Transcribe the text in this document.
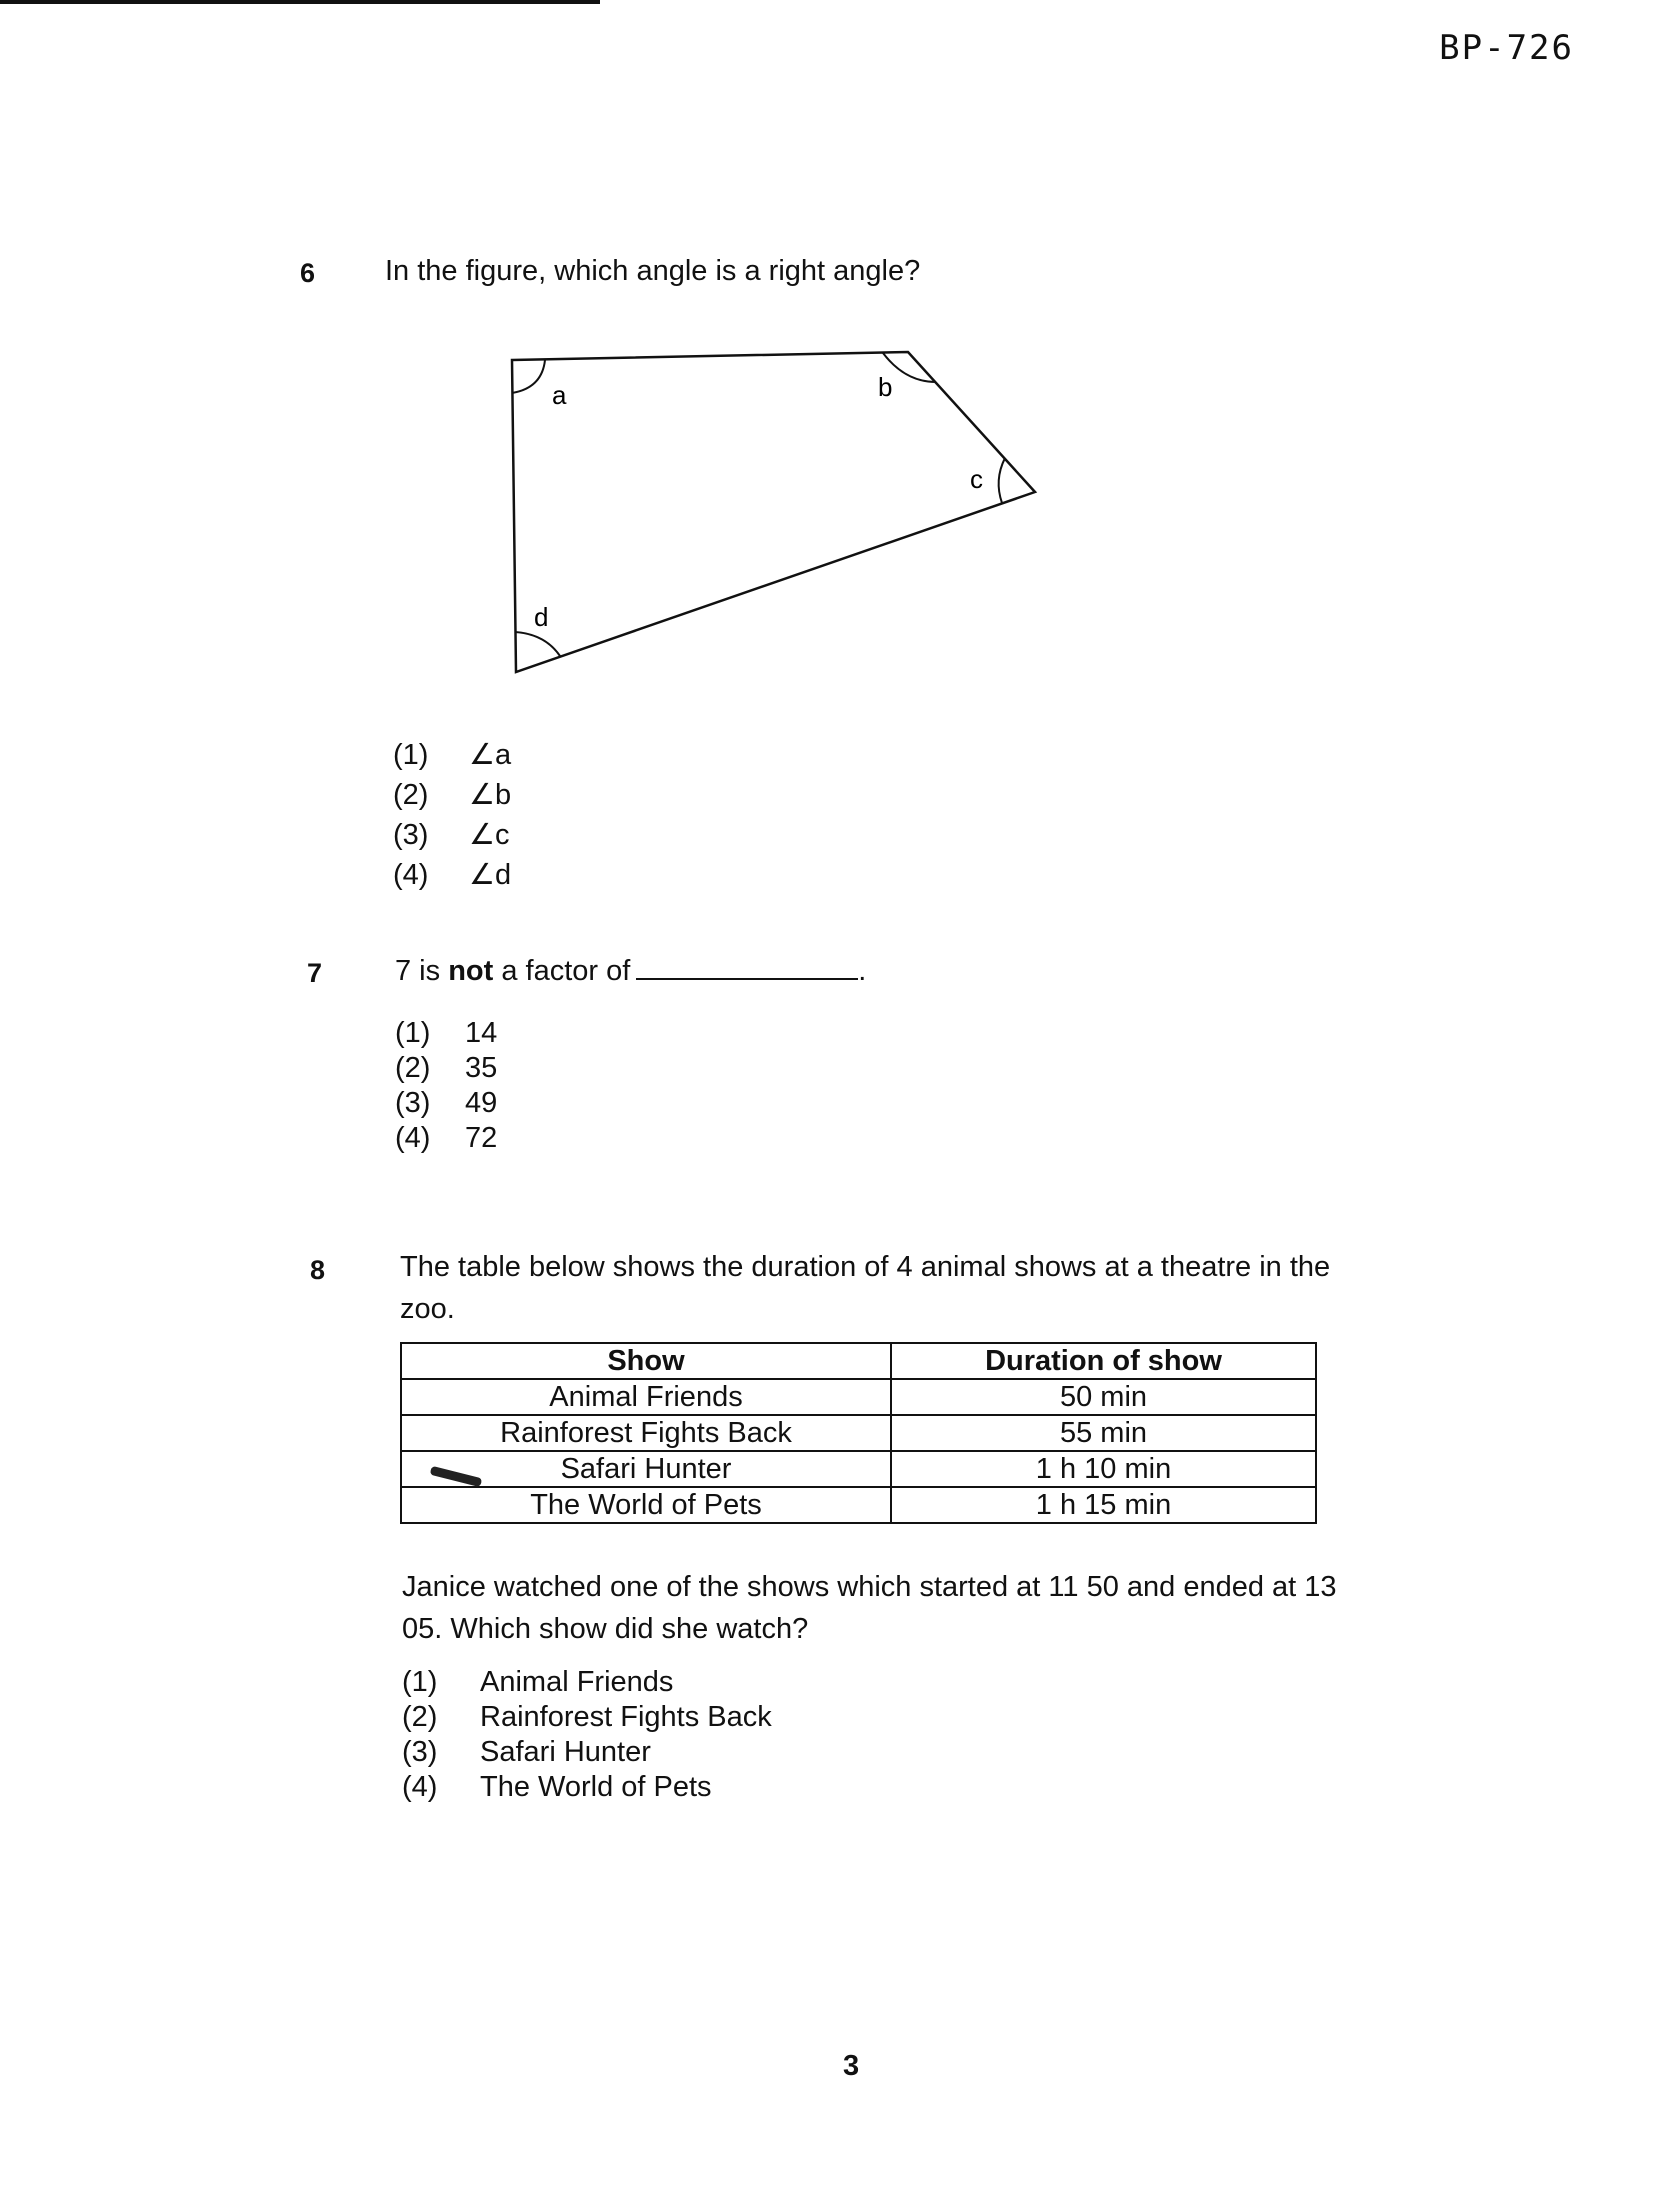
BP-726
6 In the figure, which angle is a right angle?
a	b
c
d
(1)	∠a
(2)	∠b
(3)	∠c
(4)	∠d
7	7 is not a factor of	.
(1)	14
(2)	35
(3)	49
(4)	72
8	The table below shows the duration of 4 animal shows at a theatre in the zoo.
Show	Duration of show
Animal Friends	50 min
Rainforest Fights Back	55 min
Safari Hunter	1 h 10 min
The World of Pets	1 h 15 min
Janice watched one of the shows which started at 11 50 and ended at 13 05. Which show did she watch?
(1)	Animal Friends
(2)	Rainforest Fights Back
(3)	Safari Hunter
(4)	The World of Pets
3
